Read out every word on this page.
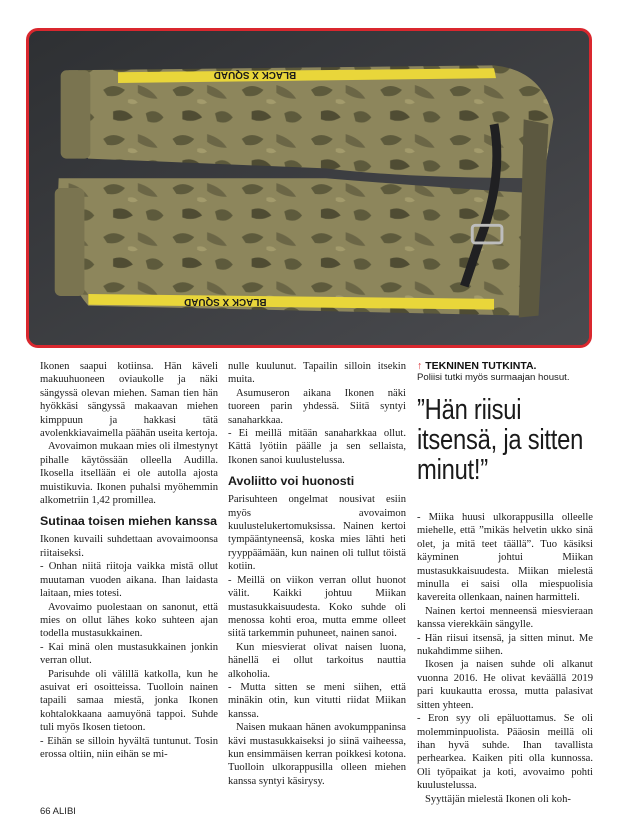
BLACK X SQUAD
BLACK X SQUAD

Ikonen saapui kotiinsa. Hän käveli makuuhuoneen oviaukolle ja näki sängyssä olevan miehen. Saman tien hän hyökkäsi sängyssä makaavan miehen kimppuun ja hakkasi tätä avolenkkiavaimella päähän useita kertoja.

Avovaimon mukaan mies oli ilmestynyt pihalle käytössään olleella Audilla. Ikosella itsellään ei ole autolla ajosta muistikuvia. Ikonen puhalsi myöhemmin alkometriin 1,42 promillea.

Sutinaa toisen miehen kanssa

Ikonen kuvaili suhdettaan avovaimoonsa riitaiseksi.

- Onhan niitä riitoja vaikka mistä ollut muutaman vuoden aikana. Ihan laidasta laitaan, mies totesi.

Avovaimo puolestaan on sanonut, että mies on ollut lähes koko suhteen ajan todella mustasukkainen.

- Kai minä olen mustasukkainen jonkin verran ollut.

Parisuhde oli välillä katkolla, kun he asuivat eri osoitteissa. Tuolloin nainen tapaili samaa miestä, jonka Ikonen kohtalokkaana aamuyönä tappoi. Suhde tuli myös Ikosen tietoon.

- Eihän se silloin hyvältä tuntunut. Tosin erossa oltiin, niin eihän se mi-

nulle kuulunut. Tapailin silloin itsekin muita.

Asumuseron aikana Ikonen näki tuoreen parin yhdessä. Siitä syntyi sanaharkkaa.

- Ei meillä mitään sanaharkkaa ollut. Kättä lyötiin päälle ja sen sellaista, Ikonen sanoi kuulustelussa.

Avoliitto voi huonosti

Parisuhteen ongelmat nousivat esiin myös avovaimon kuulustelukertomuksissa. Nainen kertoi tympääntyneensä, koska mies lähti heti ryyppäämään, kun nainen oli tullut töistä kotiin.

- Meillä on viikon verran ollut huonot välit. Kaikki johtuu Miikan mustasukkaisuudesta. Koko suhde oli menossa kohti eroa, mutta emme olleet siitä tarkemmin puhuneet, nainen sanoi.

Kun miesvierat olivat naisen luona, hänellä ei ollut tarkoitus nauttia alkoholia.

- Mutta sitten se meni siihen, että minäkin otin, kun vitutti riidat Miikan kanssa.

Naisen mukaan hänen avokumppaninsa kävi mustasukkaiseksi jo siinä vaiheessa, kun ensimmäisen kerran poikkesi kotona. Tuolloin ulkorappusilla olleen miehen kanssa syntyi käsirysy.

↑ TEKNINEN TUTKINTA.
Poliisi tutki myös surmaajan housut.
”Hän riisui itsensä, ja sitten minut!”

- Miika huusi ulkorappusilla olleelle miehelle, että ”mikäs helvetin ukko sinä olet, ja mitä teet täällä”. Tuo käsiksi käyminen johtui Miikan mustasukkaisuudesta. Miikan mielestä minulla ei saisi olla miespuolisia kavereita ollenkaan, nainen harmitteli.

Nainen kertoi menneensä miesvieraan kanssa vierekkäin sängylle.

- Hän riisui itsensä, ja sitten minut. Me nukahdimme siihen.

Ikosen ja naisen suhde oli alkanut vuonna 2016. He olivat keväällä 2019 pari kuukautta erossa, mutta palasivat sitten yhteen.

- Eron syy oli epäluottamus. Se oli molemminpuolista. Pääosin meillä oli ihan hyvä suhde. Ihan tavallista perhearkea. Kaiken piti olla kunnossa. Oli työpaikat ja koti, avovaimo pohti kuulustelussa.

Syyttäjän mielestä Ikonen oli koh-

66 ALIBI
